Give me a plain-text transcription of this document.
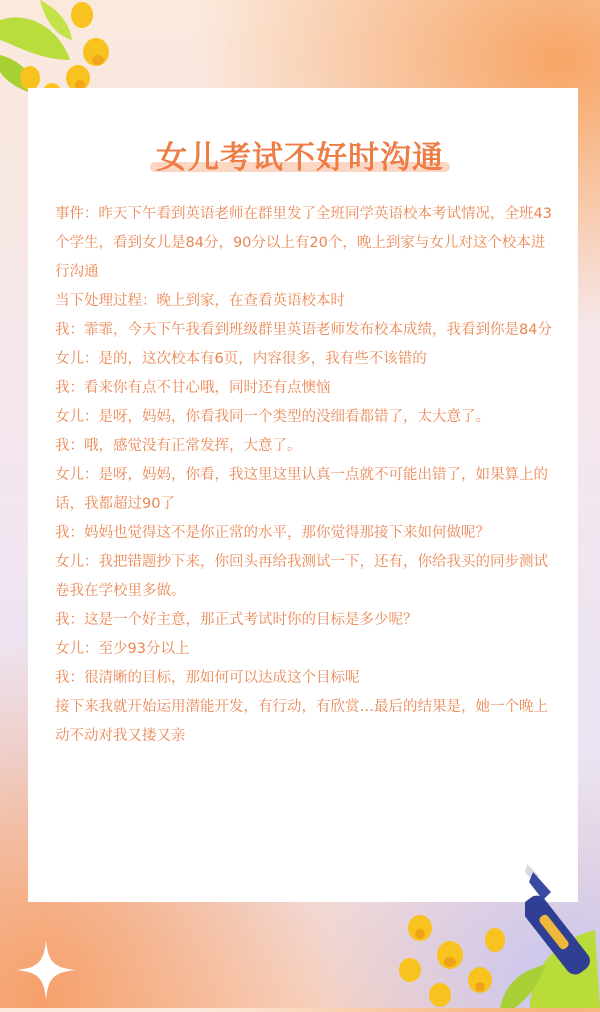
女儿考试不好时沟通

事件：昨天下午看到英语老师在群里发了全班同学英语校本考试情况，全班43个学生，看到女儿是84分，90分以上有20个，晚上到家与女儿对这个校本进行沟通

当下处理过程：晚上到家，在查看英语校本时

我：霏霏，今天下午我看到班级群里英语老师发布校本成绩，我看到你是84分

女儿：是的，这次校本有6页，内容很多，我有些不该错的

我：看来你有点不甘心哦，同时还有点懊恼

女儿：是呀，妈妈，你看我同一个类型的没细看都错了，太大意了。

我：哦，感觉没有正常发挥，大意了。

女儿：是呀，妈妈，你看，我这里这里认真一点就不可能出错了，如果算上的话，我都超过90了

我：妈妈也觉得这不是你正常的水平，那你觉得那接下来如何做呢？

女儿：我把错题抄下来，你回头再给我测试一下，还有，你给我买的同步测试卷我在学校里多做。

我：这是一个好主意，那正式考试时你的目标是多少呢？

女儿：至少93分以上

我：很清晰的目标，那如何可以达成这个目标呢

接下来我就开始运用潜能开发，有行动，有欣赏…最后的结果是，她一个晚上动不动对我又搂又亲
